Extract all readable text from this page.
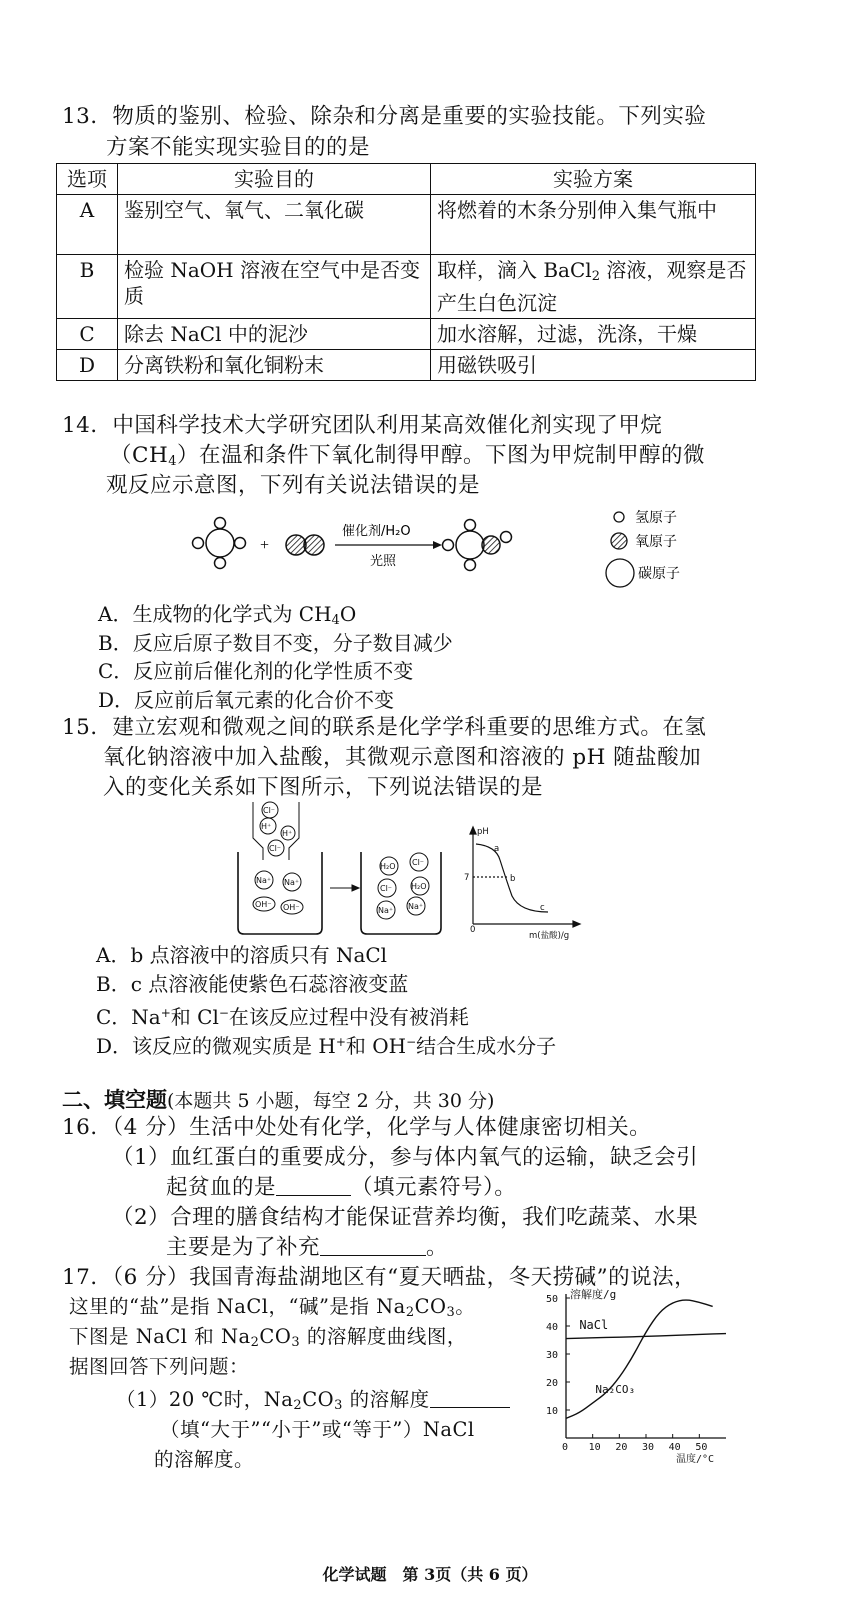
13．物质的鉴别、检验、除杂和分离是重要的实验技能。下列实验
方案不能实现实验目的的是
选项	实验目的	实验方案
A	鉴别空气、氧气、二氧化碳	将燃着的木条分别伸入集气瓶中
B	检验 NaOH 溶液在空气中是否变质	取样，滴入 BaCl$_2$ 溶液，观察是否产生白色沉淀
C	除去 NaCl 中的泥沙	加水溶解，过滤，洗涤，干燥
D	分离铁粉和氧化铜粉末	用磁铁吸引
14．中国科学技术大学研究团队利用某高效催化剂实现了甲烷
$(CH_4)$在温和条件下氧化制得甲醇。下图为甲烷制甲醇的微
观反应示意图，下列有关说法错误的是
+
催化剂/H₂O
光照
氢原子
氧原子
碳原子
A．生成物的化学式为 $CH_4O$
B．反应后原子数目不变，分子数目减少
C．反应前后催化剂的化学性质不变
D．反应前后氧元素的化合价不变
15．建立宏观和微观之间的联系是化学学科重要的思维方式。在氢
氧化钠溶液中加入盐酸，其微观示意图和溶液的 pH 随盐酸加
入的变化关系如下图所示，下列说法错误的是
Cl⁻
H⁺
H⁺
Cl⁻
Na⁺ Na⁺
OH⁻ OH⁻
H₂O Cl⁻
Cl⁻ H₂O
Na⁺ Na⁺
pH
7
0
a
b
c
m(盐酸)/g
A．b 点溶液中的溶质只有 NaCl
B．c 点溶液能使紫色石蕊溶液变蓝
C．Na+和 Cl−在该反应过程中没有被消耗
D．该反应的微观实质是 H+和 OH−结合生成水分子
二、填空题(本题共 5 小题，每空 2 分，共 30 分)
16．（4 分）生活中处处有化学，化学与人体健康密切相关。
（1）血红蛋白的重要成分，参与体内氧气的运输，缺乏会引
起贫血的是	（填元素符号）。
（2）合理的膳食结构才能保证营养均衡，我们吃蔬菜、水果
主要是为了补充	。
17．（6 分）我国青海盐湖地区有“夏天晒盐，冬天捞碱”的说法，
这里的“盐”是指 NaCl，“碱”是指 $Na_2CO_3$。
下图是 NaCl 和 $Na_2CO_3$ 的溶解度曲线图，
据图回答下列问题：
（1）20 ℃时，$Na_2CO_3$ 的溶解度
（填“大于”“小于”或“等于”）NaCl
的溶解度。
溶解度/g
温度/°C
10
20
30
40
50
0 10 20 30 40 50
NaCl
Na₂CO₃
化学试题　第 3页（共 6 页）
